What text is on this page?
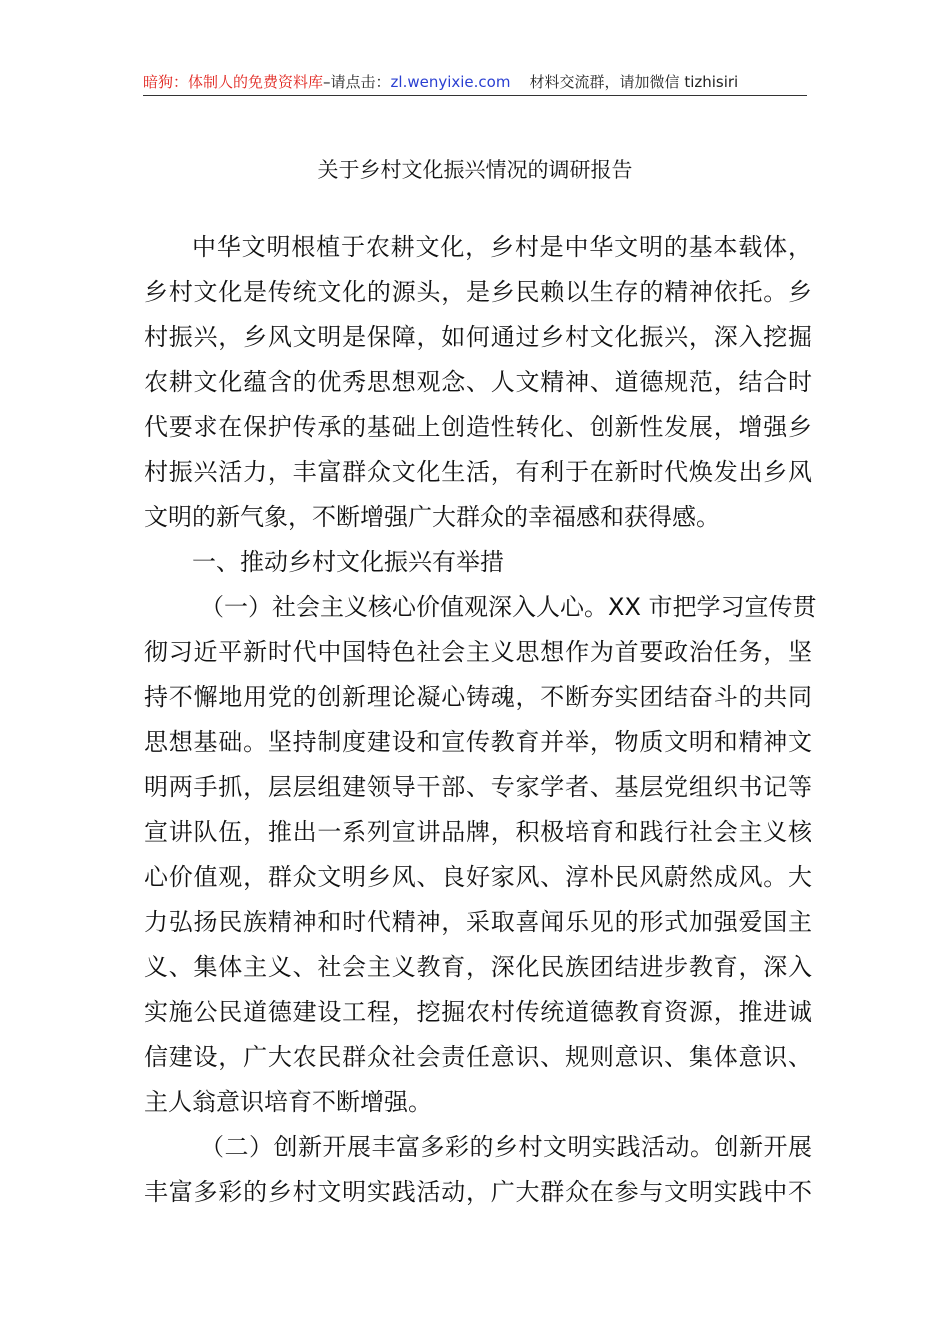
暗狗：体制人的免费资料库–请点击：zl.wenyixie.com 材料交流群，请加微信 tizhisiri
关于乡村文化振兴情况的调研报告
中华文明根植于农耕文化，乡村是中华文明的基本载体，
乡村文化是传统文化的源头，是乡民赖以生存的精神依托。乡
村振兴，乡风文明是保障，如何通过乡村文化振兴，深入挖掘
农耕文化蕴含的优秀思想观念、人文精神、道德规范，结合时
代要求在保护传承的基础上创造性转化、创新性发展，增强乡
村振兴活力，丰富群众文化生活，有利于在新时代焕发出乡风
文明的新气象，不断增强广大群众的幸福感和获得感。
一、推动乡村文化振兴有举措
（一）社会主义核心价值观深入人心。XX 市把学习宣传贯
彻习近平新时代中国特色社会主义思想作为首要政治任务，坚
持不懈地用党的创新理论凝心铸魂，不断夯实团结奋斗的共同
思想基础。坚持制度建设和宣传教育并举，物质文明和精神文
明两手抓，层层组建领导干部、专家学者、基层党组织书记等
宣讲队伍，推出一系列宣讲品牌，积极培育和践行社会主义核
心价值观，群众文明乡风、良好家风、淳朴民风蔚然成风。大
力弘扬民族精神和时代精神，采取喜闻乐见的形式加强爱国主
义、集体主义、社会主义教育，深化民族团结进步教育，深入
实施公民道德建设工程，挖掘农村传统道德教育资源，推进诚
信建设，广大农民群众社会责任意识、规则意识、集体意识、
主人翁意识培育不断增强。
（二）创新开展丰富多彩的乡村文明实践活动。创新开展
丰富多彩的乡村文明实践活动，广大群众在参与文明实践中不
